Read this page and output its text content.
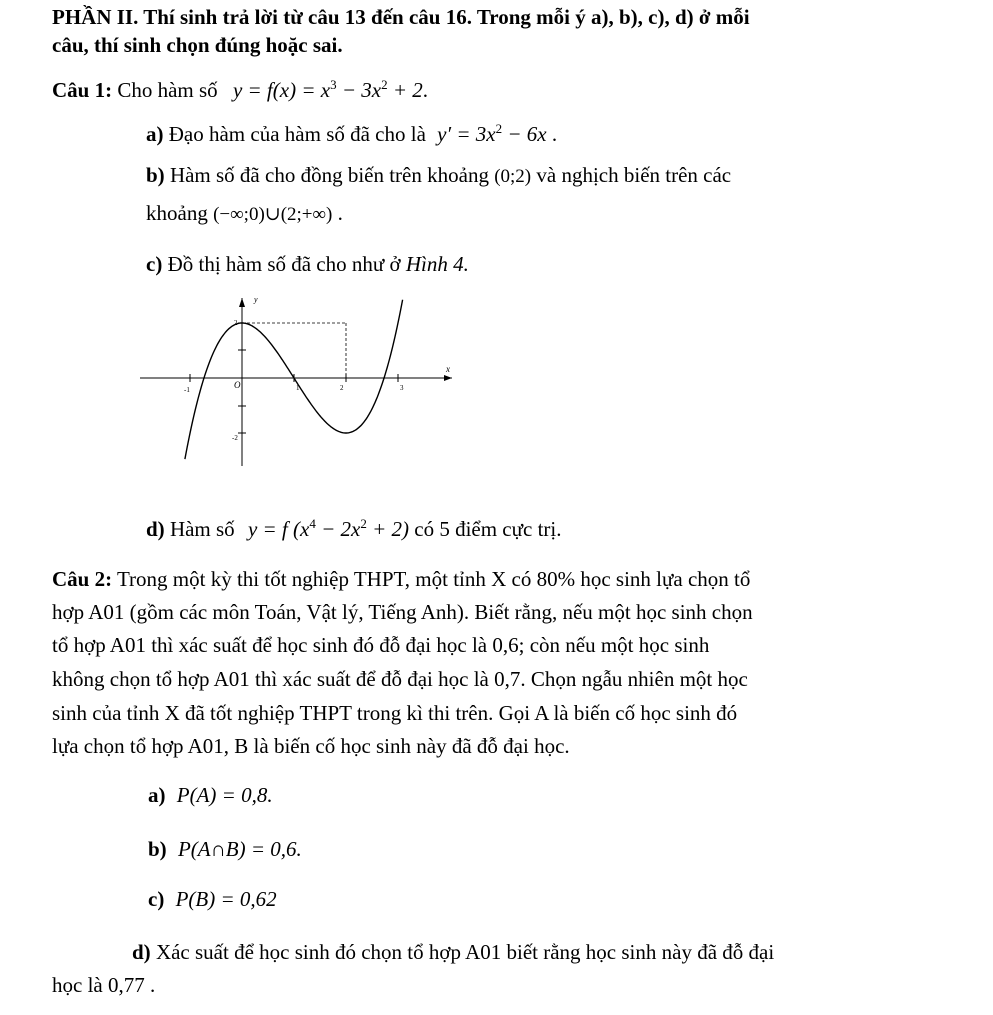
PHẦN II. Thí sinh trả lời từ câu 13 đến câu 16. Trong mỗi ý a), b), c), d) ở mỗi
câu, thí sinh chọn đúng hoặc sai.
Câu 1: Cho hàm số $y = f(x) = x^3 - 3x^2 + 2$.
a) Đạo hàm của hàm số đã cho là $y' = 3x^2 - 6x$ .
b) Hàm số đã cho đồng biến trên khoảng (0;2) và nghịch biến trên các
khoảng (−∞;0)∪(2;+∞) .
c) Đồ thị hàm số đã cho như ở Hình 4.
y
x
O
-1	1	2	3
2
-2
d) Hàm số y = f $(x^4 - 2x^2 + 2)$ có 5 điểm cực trị.
Câu 2: Trong một kỳ thi tốt nghiệp THPT, một tỉnh X có 80% học sinh lựa chọn tổ
hợp A01 (gồm các môn Toán, Vật lý, Tiếng Anh). Biết rằng, nếu một học sinh chọn
tổ hợp A01 thì xác suất để học sinh đó đỗ đại học là 0,6; còn nếu một học sinh
không chọn tổ hợp A01 thì xác suất để đỗ đại học là 0,7. Chọn ngẫu nhiên một học
sinh của tỉnh X đã tốt nghiệp THPT trong kì thi trên. Gọi A là biến cố học sinh đó
lựa chọn tổ hợp A01, B là biến cố học sinh này đã đỗ đại học.
a) P(A) = 0,8.
b) P(A∩B) = 0,6.
c) P(B) = 0,62
d) Xác suất để học sinh đó chọn tổ hợp A01 biết rằng học sinh này đã đỗ đại
học là 0,77 .
